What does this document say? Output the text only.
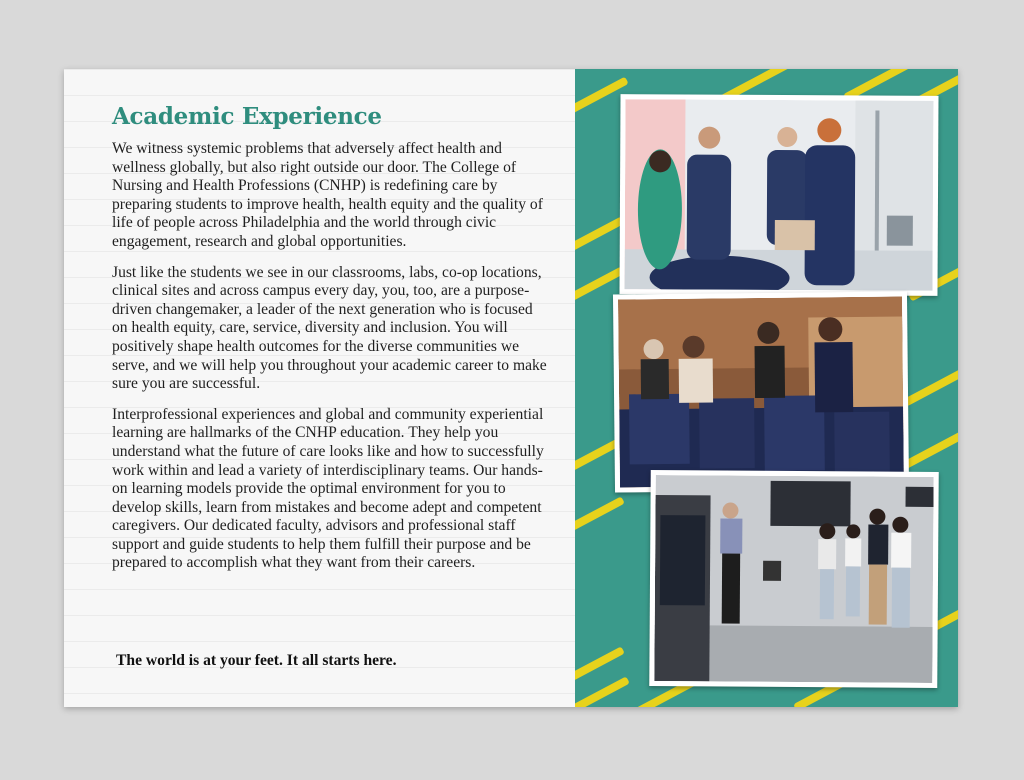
Academic Experience

We witness systemic problems that adversely affect health and wellness globally, but also right outside our door. The College of Nursing and Health Professions (CNHP) is redefining care by preparing students to improve health, health equity and the quality of life of people across Philadelphia and the world through civic engagement, research and global opportunities.

Just like the students we see in our classrooms, labs, co-op locations, clinical sites and across campus every day, you, too, are a purpose-driven changemaker, a leader of the next generation who is focused on health equity, care, service, diversity and inclusion. You will positively shape health outcomes for the diverse communities we serve, and we will help you throughout your academic career to make sure you are successful.

Interprofessional experiences and global and community experiential learning are hallmarks of the CNHP education. They help you understand what the future of care looks like and how to successfully work within and lead a variety of interdisciplinary teams. Our hands-on learning models provide the optimal environment for you to develop skills, learn from mistakes and become adept and competent caregivers. Our dedicated faculty, advisors and professional staff support and guide students to help them fulfill their purpose and be prepared to accomplish what they want from their careers.

The world is at your feet. It all starts here.
